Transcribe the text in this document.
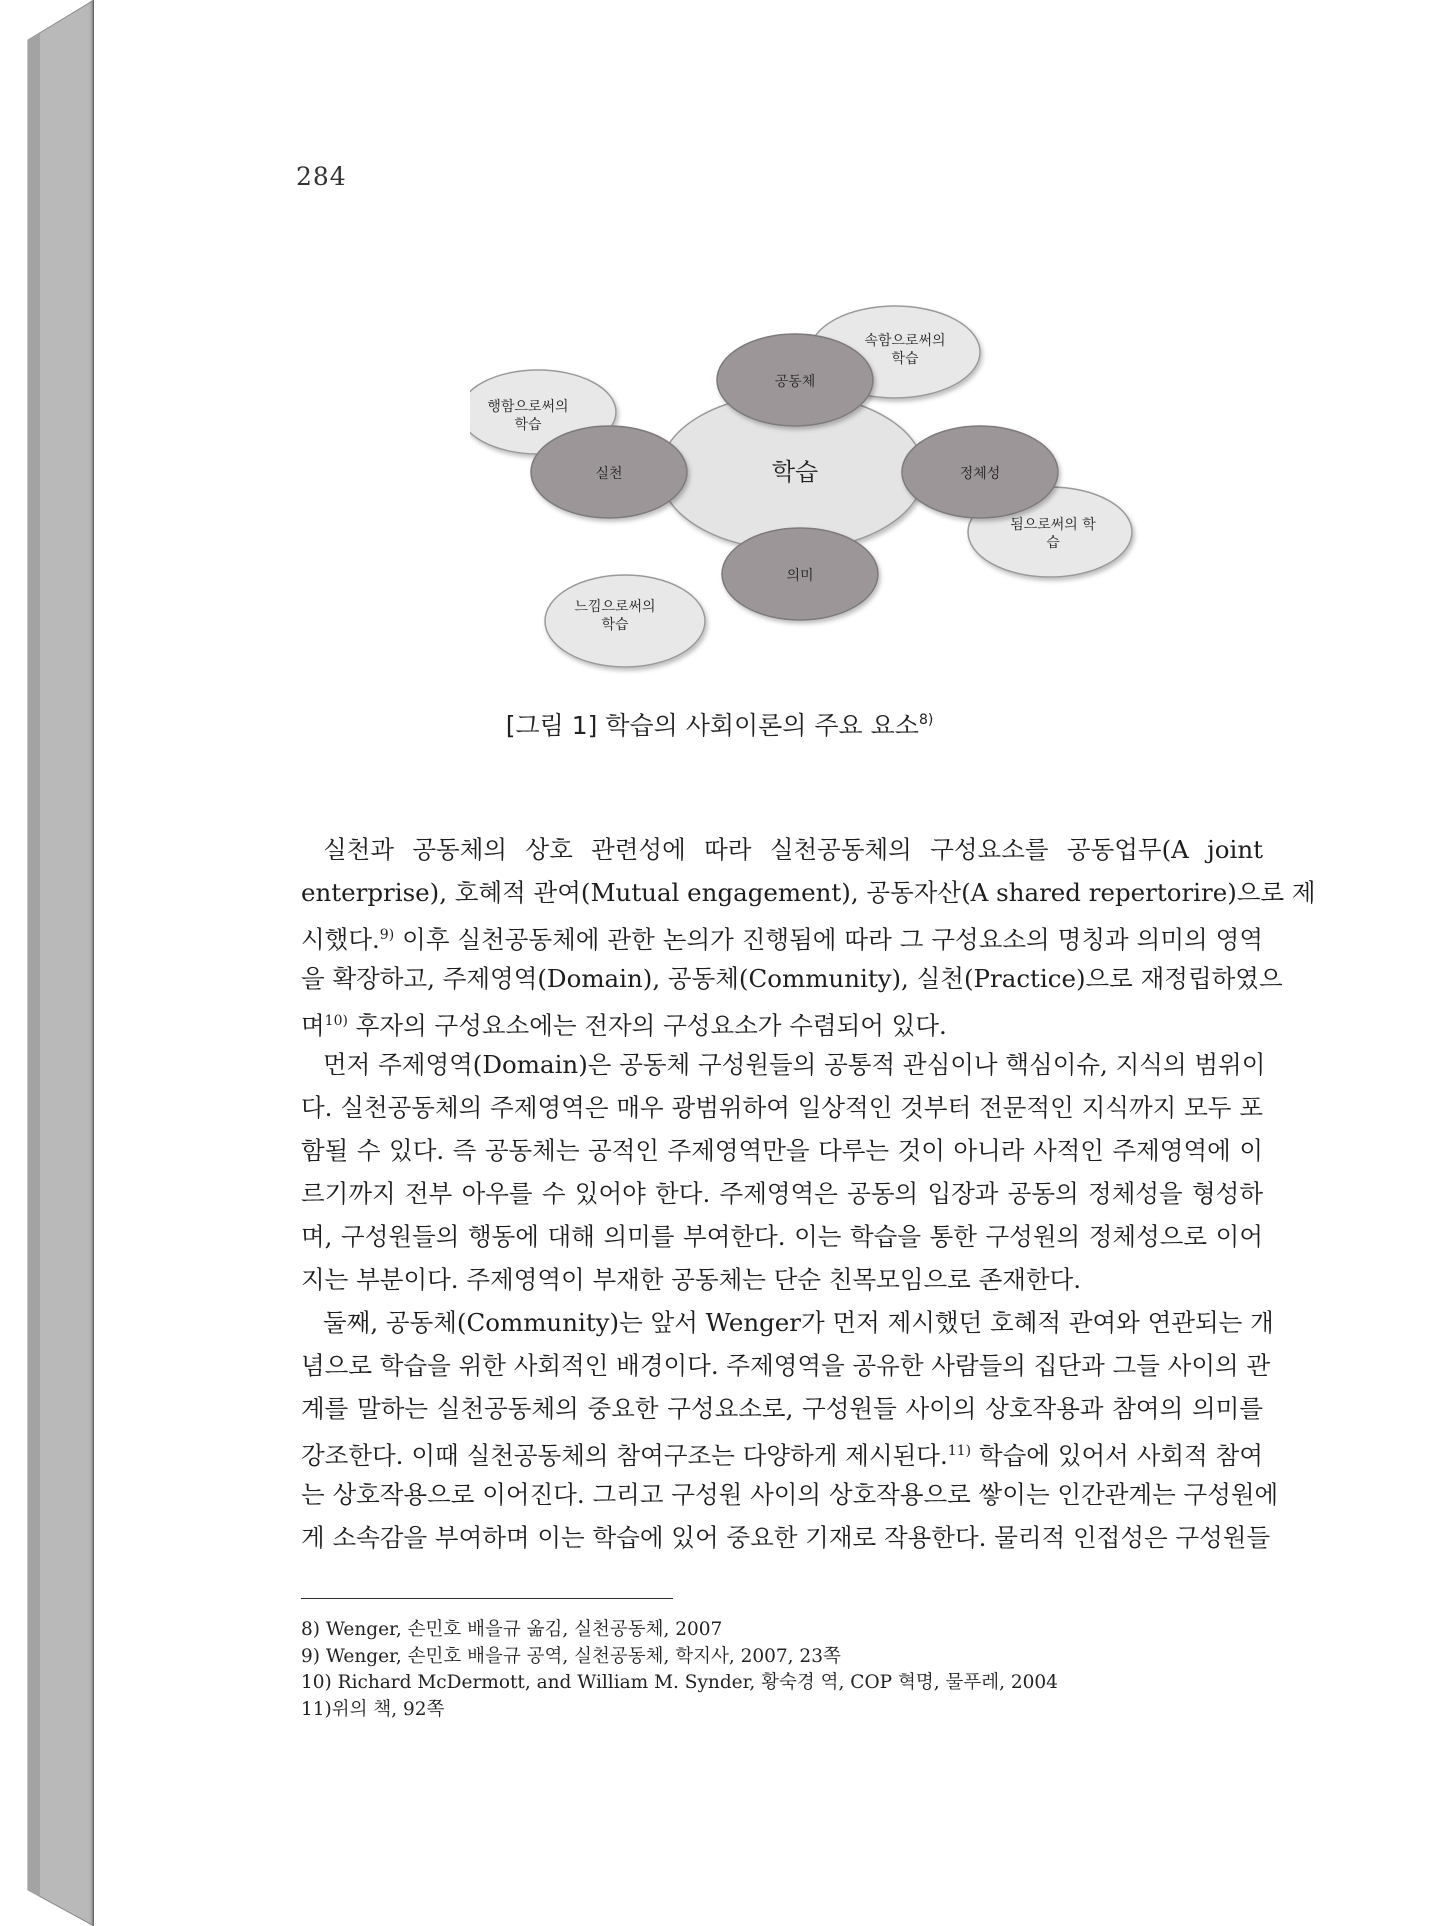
284
속함으로써의
학습
행함으로써의
학습
됨으로써의 학
습
느낌으로써의
학습
공동체
실천	정체성
의미
학습
[그림 1] 학습의 사회이론의 주요 요소$^{8)}$
실천과 공동체의 상호 관련성에 따라 실천공동체의 구성요소를 공동업무(A joint
enterprise), 호혜적 관여(Mutual engagement), 공동자산(A shared repertorire)으로 제
시했다.$^{9)}$ 이후 실천공동체에 관한 논의가 진행됨에 따라 그 구성요소의 명칭과 의미의 영역
을 확장하고, 주제영역(Domain), 공동체(Community), 실천(Practice)으로 재정립하였으
며$^{10)}$ 후자의 구성요소에는 전자의 구성요소가 수렴되어 있다.
먼저 주제영역(Domain)은 공동체 구성원들의 공통적 관심이나 핵심이슈, 지식의 범위이
다. 실천공동체의 주제영역은 매우 광범위하여 일상적인 것부터 전문적인 지식까지 모두 포
함될 수 있다. 즉 공동체는 공적인 주제영역만을 다루는 것이 아니라 사적인 주제영역에 이
르기까지 전부 아우를 수 있어야 한다. 주제영역은 공동의 입장과 공동의 정체성을 형성하
며, 구성원들의 행동에 대해 의미를 부여한다. 이는 학습을 통한 구성원의 정체성으로 이어
지는 부분이다. 주제영역이 부재한 공동체는 단순 친목모임으로 존재한다.
둘째, 공동체(Community)는 앞서 Wenger가 먼저 제시했던 호혜적 관여와 연관되는 개
념으로 학습을 위한 사회적인 배경이다. 주제영역을 공유한 사람들의 집단과 그들 사이의 관
계를 말하는 실천공동체의 중요한 구성요소로, 구성원들 사이의 상호작용과 참여의 의미를
강조한다. 이때 실천공동체의 참여구조는 다양하게 제시된다.$^{11)}$ 학습에 있어서 사회적 참여
는 상호작용으로 이어진다. 그리고 구성원 사이의 상호작용으로 쌓이는 인간관계는 구성원에
게 소속감을 부여하며 이는 학습에 있어 중요한 기재로 작용한다. 물리적 인접성은 구성원들
8) Wenger, 손민호 배을규 옮김, 실천공동체, 2007
9) Wenger, 손민호 배을규 공역, 실천공동체, 학지사, 2007, 23쪽
10) Richard McDermott, and William M. Synder, 황숙경 역, COP 혁명, 물푸레, 2004
11)위의 책, 92쪽
